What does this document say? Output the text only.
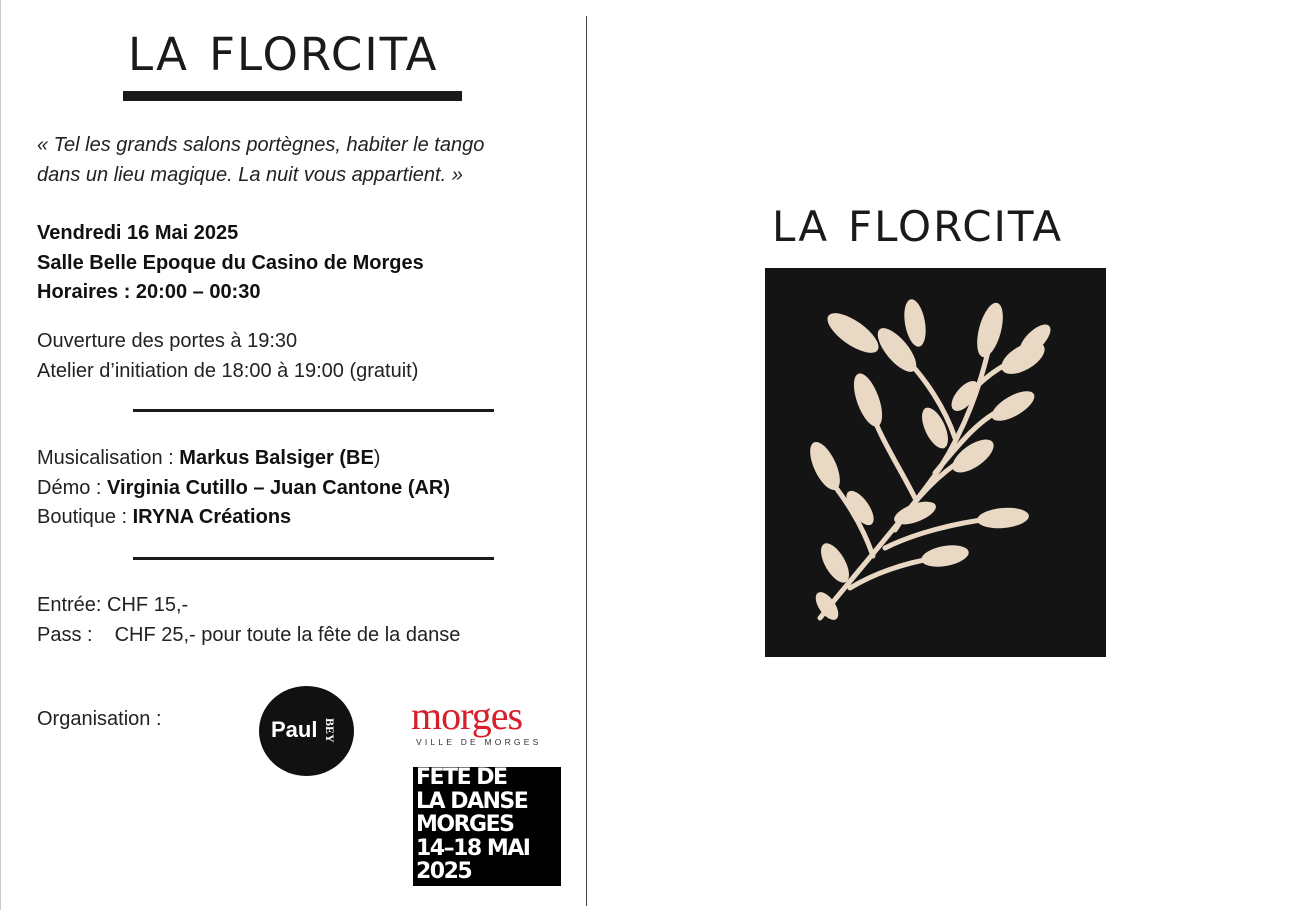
LA FLORCITA
« Tel les grands salons portègnes, habiter le tango
dans un lieu magique. La nuit vous appartient. »
Vendredi 16 Mai 2025
Salle Belle Epoque du Casino de Morges
Horaires : 20:00 – 00:30
Ouverture des portes à 19:30
Atelier d’initiation de 18:00 à 19:00 (gratuit)
Musicalisation : Markus Balsiger (BE)
Démo : Virginia Cutillo – Juan Cantone (AR)
Boutique : IRYNA Créations
Entrée: CHF 15,-
Pass : CHF 25,- pour toute la fête de la danse
Organisation :	Paul BEY morges
VILLE DE MORGES
FÊTE DE
LA DANSE
MORGES
14–18 MAI
2025
LA FLORCITA
